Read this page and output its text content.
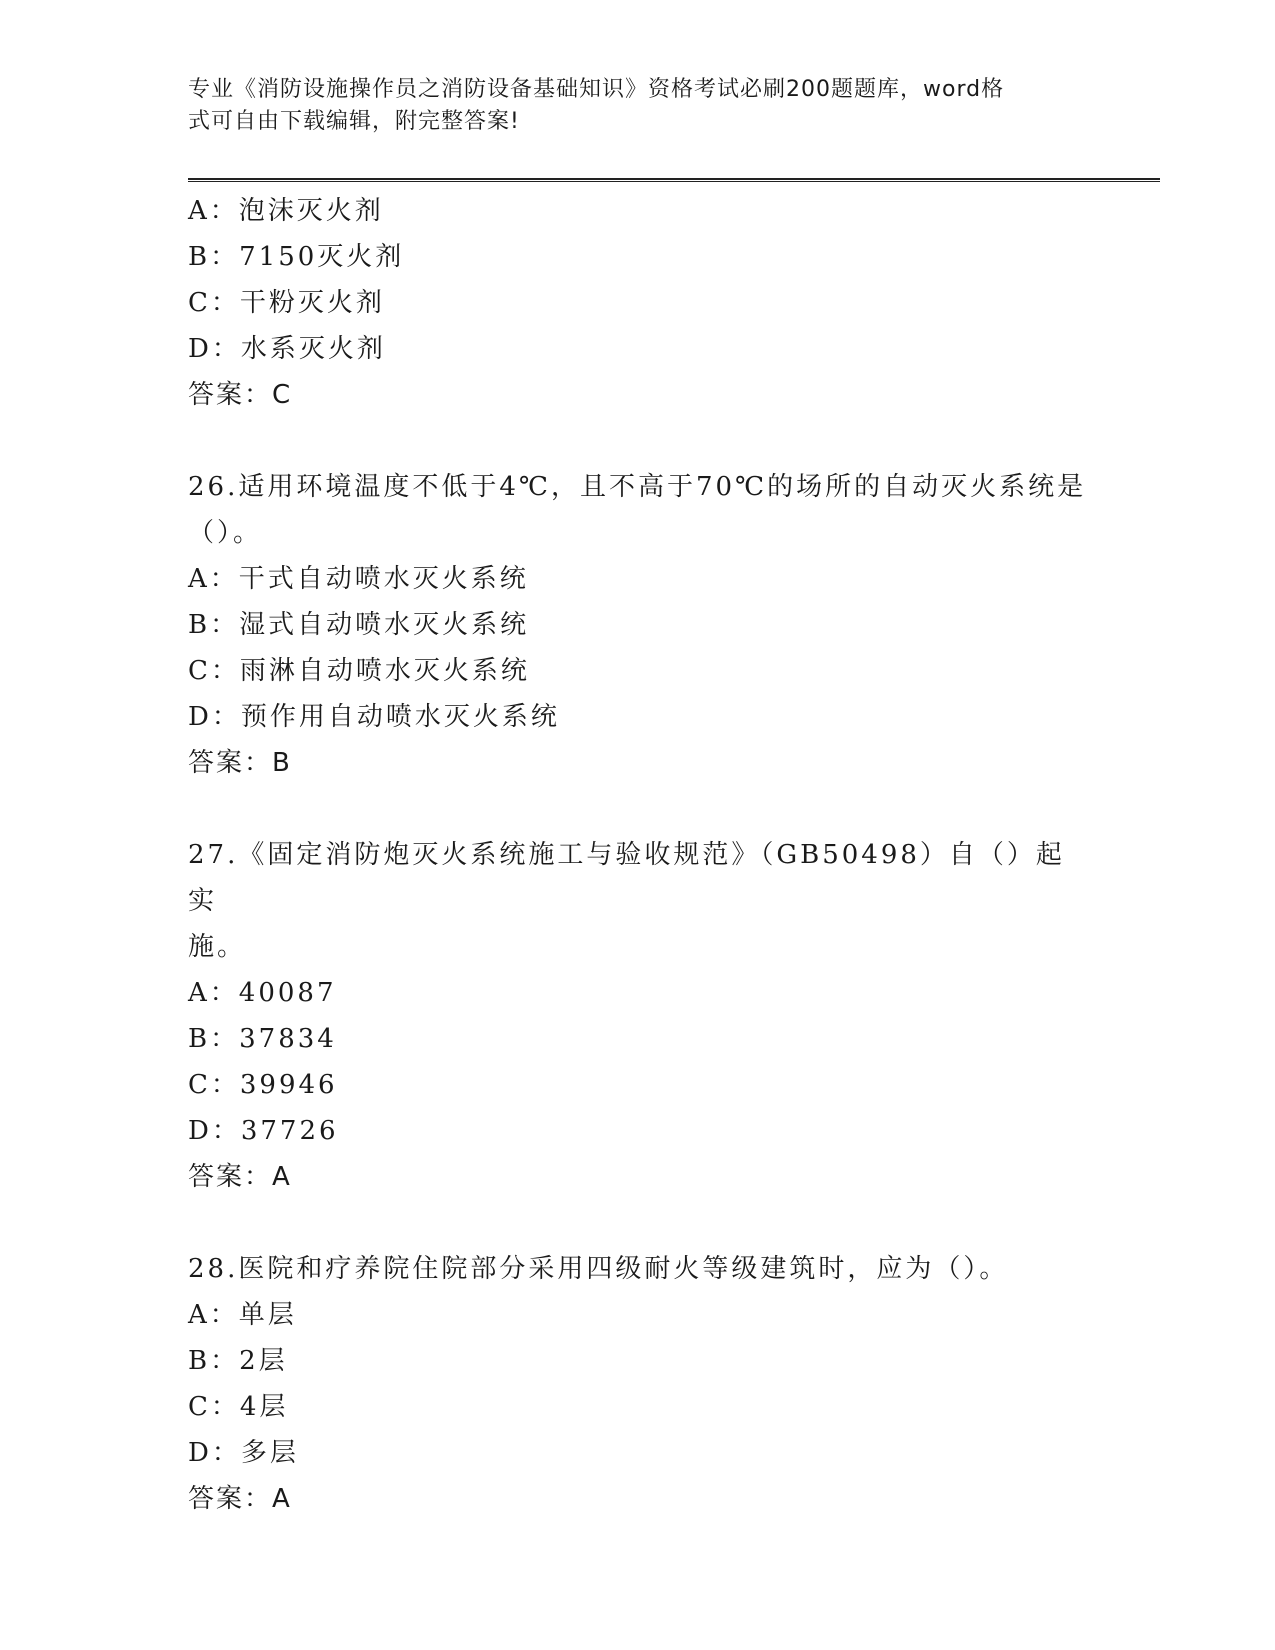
专业《消防设施操作员之消防设备基础知识》资格考试必刷200题题库，word格
式可自由下载编辑，附完整答案!
A：泡沫灭火剂
B：7150灭火剂
C：干粉灭火剂
D：水系灭火剂
答案：C
26.适用环境温度不低于4℃，且不高于70℃的场所的自动灭火系统是
（）。
A：干式自动喷水灭火系统
B：湿式自动喷水灭火系统
C：雨淋自动喷水灭火系统
D：预作用自动喷水灭火系统
答案：B
27.《固定消防炮灭火系统施工与验收规范》（GB50498）自（）起实
施。
A：40087
B：37834
C：39946
D：37726
答案：A
28.医院和疗养院住院部分采用四级耐火等级建筑时，应为（）。
A：单层
B：2层
C：4层
D：多层
答案：A
